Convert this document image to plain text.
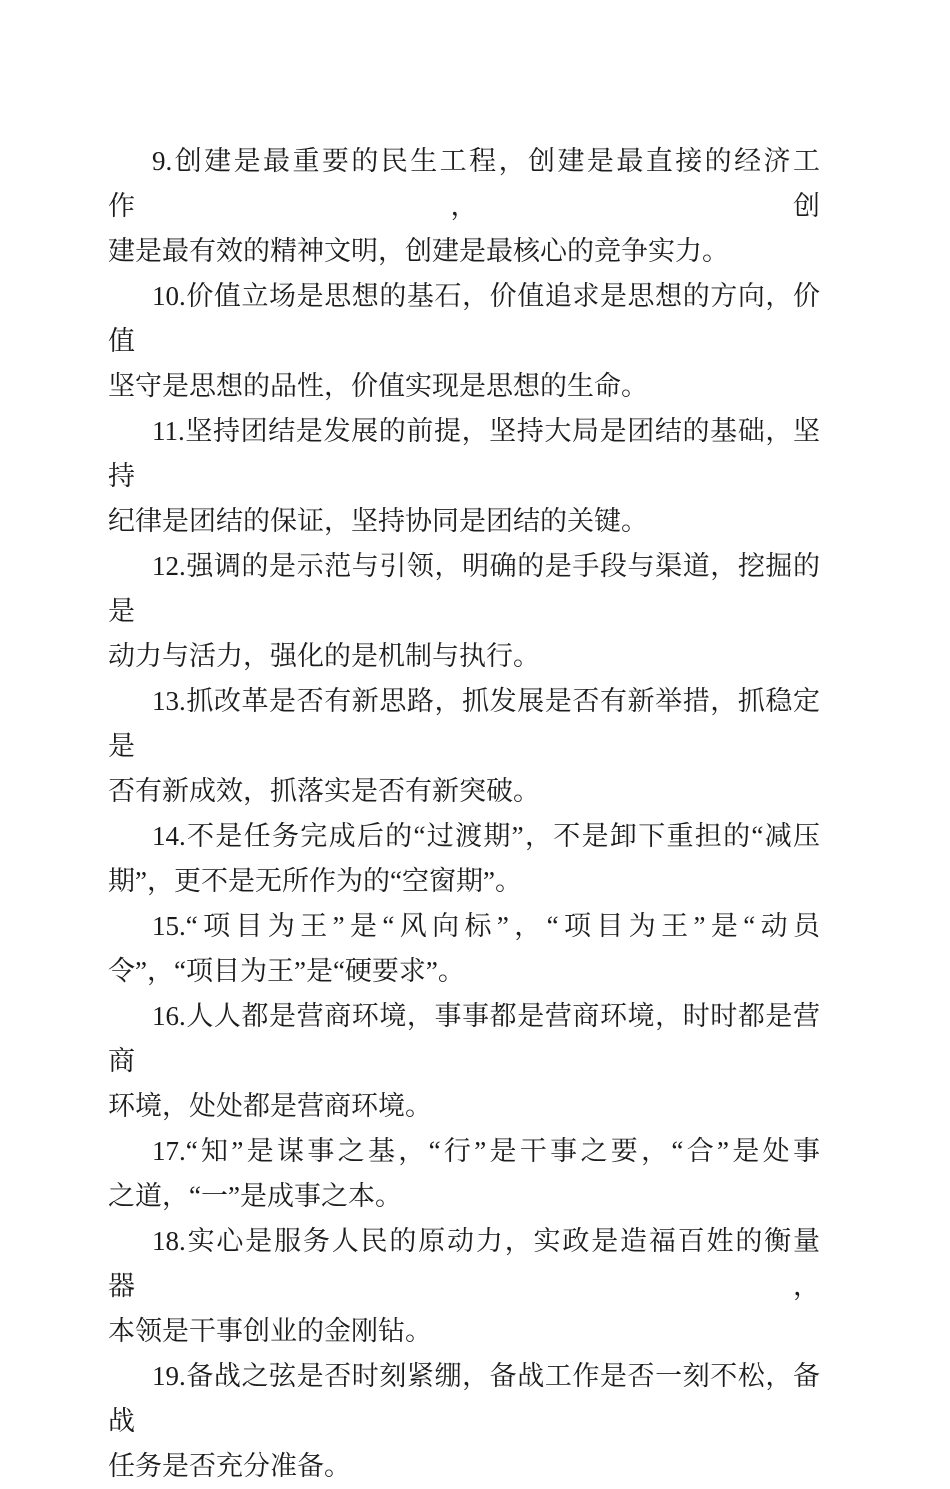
9.创建是最重要的民生工程，创建是最直接的经济工作，创
建是最有效的精神文明，创建是最核心的竞争实力。

10.价值立场是思想的基石，价值追求是思想的方向，价值
坚守是思想的品性，价值实现是思想的生命。

11.坚持团结是发展的前提，坚持大局是团结的基础，坚持
纪律是团结的保证，坚持协同是团结的关键。

12.强调的是示范与引领，明确的是手段与渠道，挖掘的是
动力与活力，强化的是机制与执行。

13.抓改革是否有新思路，抓发展是否有新举措，抓稳定是
否有新成效，抓落实是否有新突破。

14.不是任务完成后的“过渡期”，不是卸下重担的“减压
期”，更不是无所作为的“空窗期”。

15.“项目为王”是“风向标”，“项目为王”是“动员
令”，“项目为王”是“硬要求”。

16.人人都是营商环境，事事都是营商环境，时时都是营商
环境，处处都是营商环境。

17.“知”是谋事之基，“行”是干事之要，“合”是处事
之道，“一”是成事之本。

18.实心是服务人民的原动力，实政是造福百姓的衡量器，
本领是干事创业的金刚钻。

19.备战之弦是否时刻紧绷，备战工作是否一刻不松，备战
任务是否充分准备。
